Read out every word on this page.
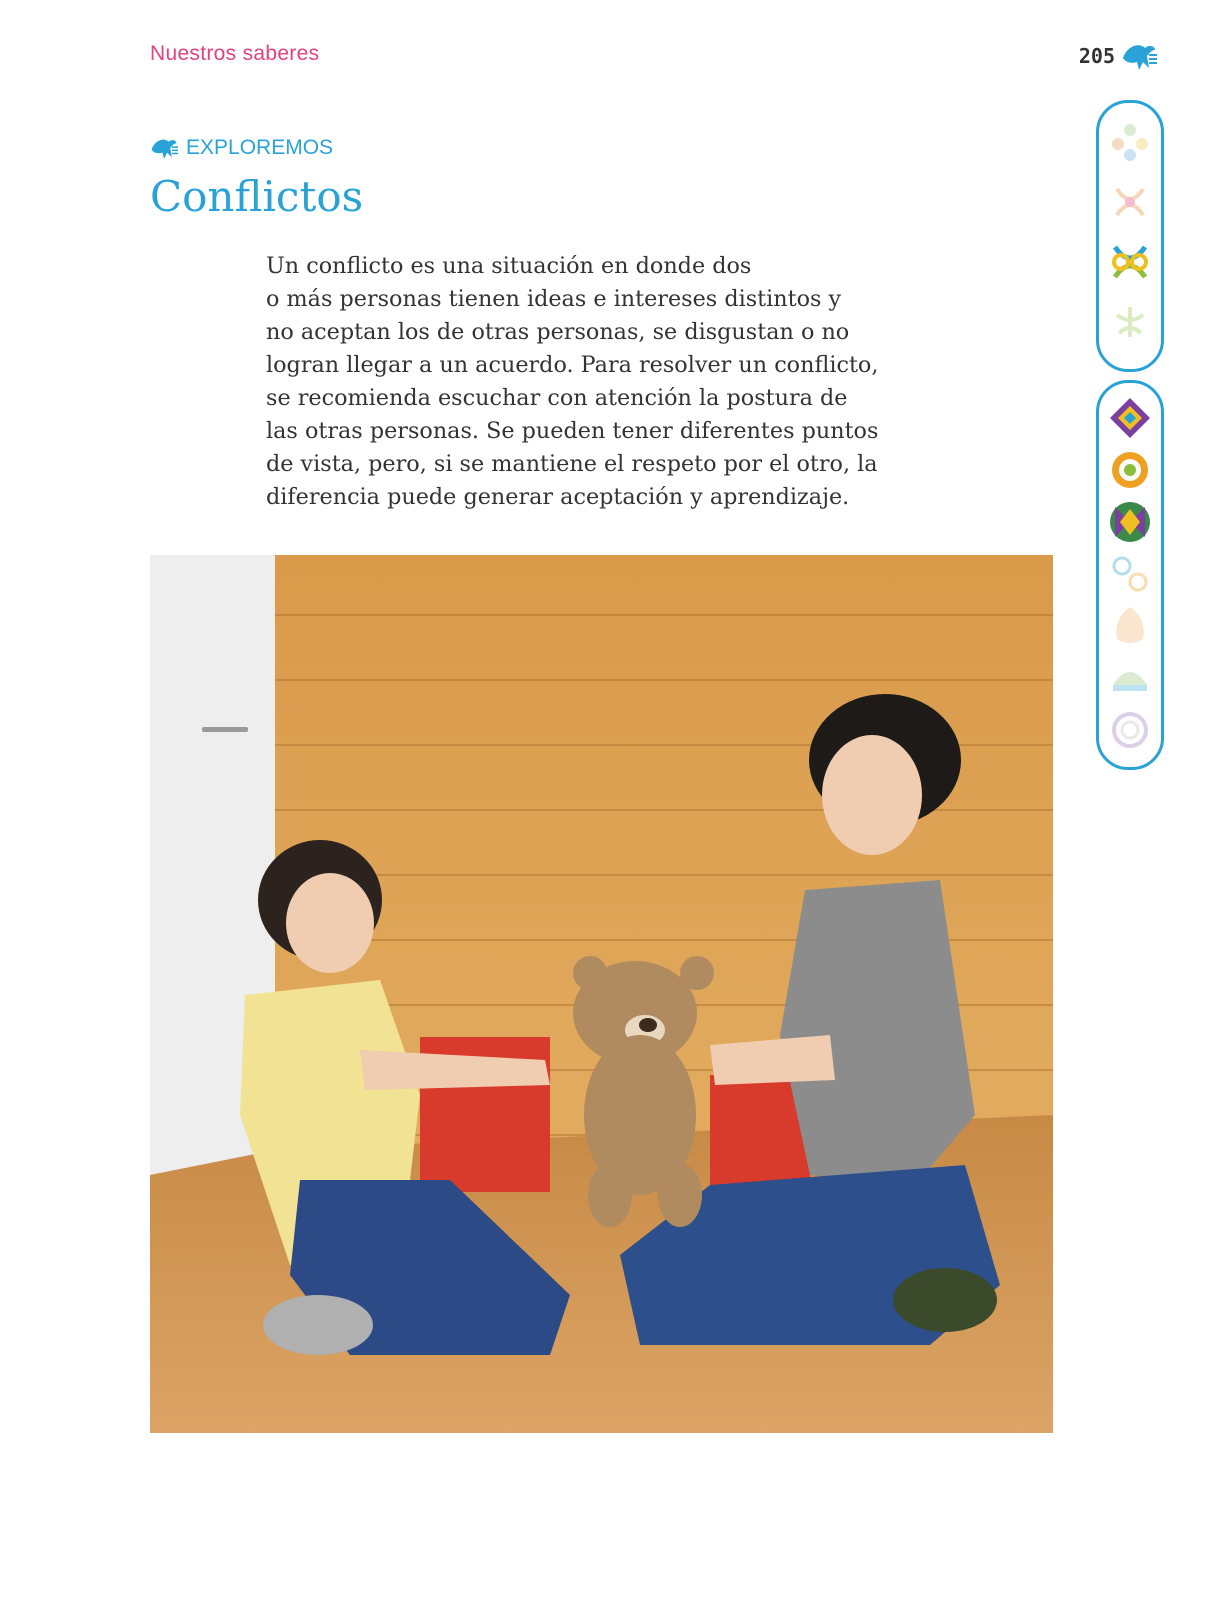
Nuestros saberes	205
EXPLOREMOS
Conflictos

Un conflicto es una situación en donde dos
o más personas tienen ideas e intereses distintos y
no aceptan los de otras personas, se disgustan o no
logran llegar a un acuerdo. Para resolver un conflicto,
se recomienda escuchar con atención la postura de
las otras personas. Se pueden tener diferentes puntos
de vista, pero, si se mantiene el respeto por el otro, la
diferencia puede generar aceptación y aprendizaje.
